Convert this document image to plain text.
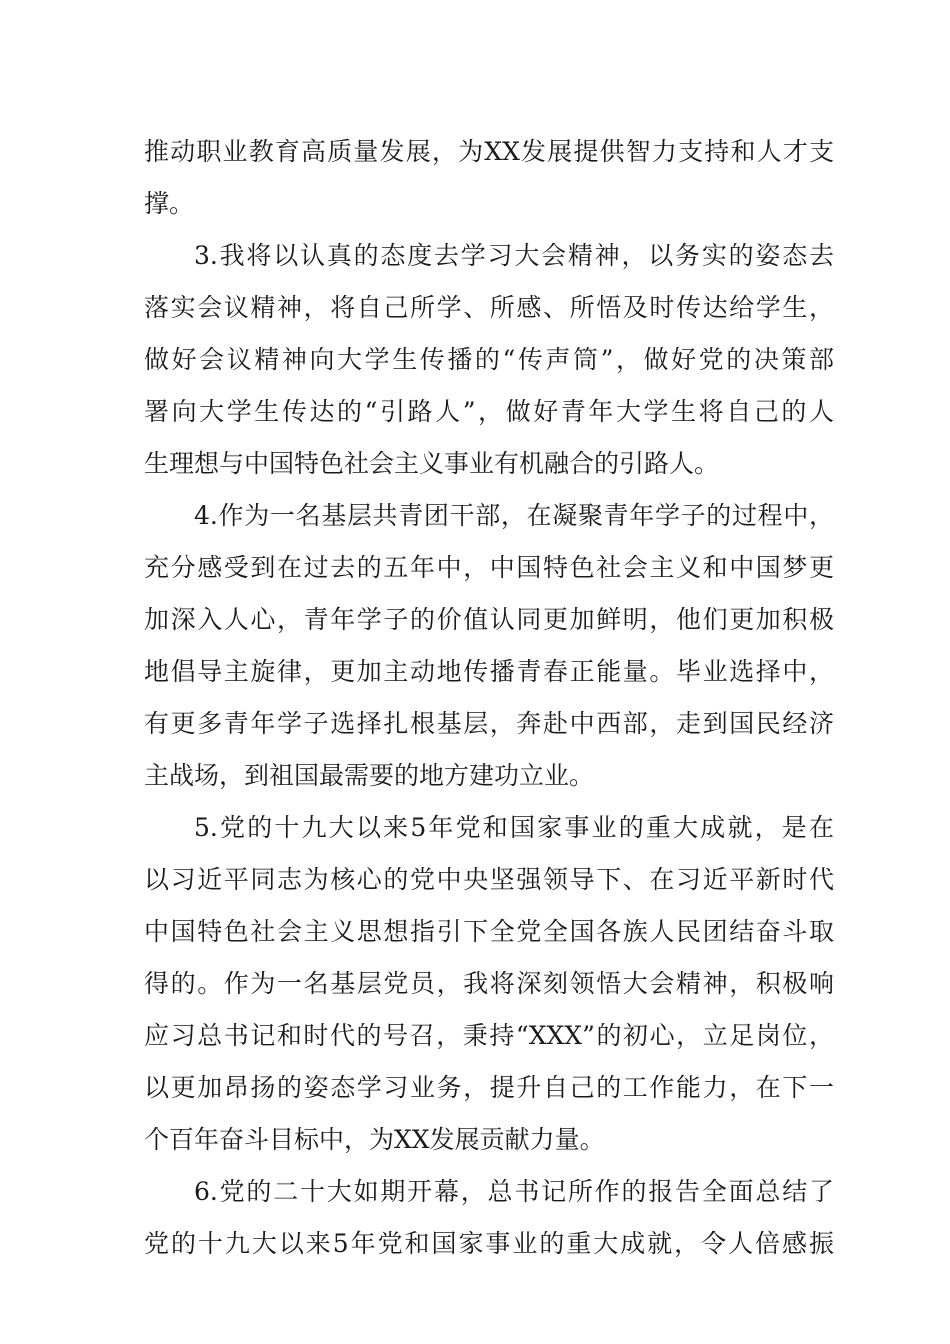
推动职业教育高质量发展，为XX发展提供智力支持和人才支
撑。
3.我将以认真的态度去学习大会精神，以务实的姿态去
落实会议精神，将自己所学、所感、所悟及时传达给学生，
做好会议精神向大学生传播的“传声筒”，做好党的决策部
署向大学生传达的“引路人”，做好青年大学生将自己的人
生理想与中国特色社会主义事业有机融合的引路人。
4.作为一名基层共青团干部，在凝聚青年学子的过程中，
充分感受到在过去的五年中，中国特色社会主义和中国梦更
加深入人心，青年学子的价值认同更加鲜明，他们更加积极
地倡导主旋律，更加主动地传播青春正能量。毕业选择中，
有更多青年学子选择扎根基层，奔赴中西部，走到国民经济
主战场，到祖国最需要的地方建功立业。
5.党的十九大以来5年党和国家事业的重大成就，是在
以习近平同志为核心的党中央坚强领导下、在习近平新时代
中国特色社会主义思想指引下全党全国各族人民团结奋斗取
得的。作为一名基层党员，我将深刻领悟大会精神，积极响
应习总书记和时代的号召，秉持“XXX”的初心，立足岗位，
以更加昂扬的姿态学习业务，提升自己的工作能力，在下一
个百年奋斗目标中，为XX发展贡献力量。
6.党的二十大如期开幕，总书记所作的报告全面总结了
党的十九大以来5年党和国家事业的重大成就，令人倍感振
